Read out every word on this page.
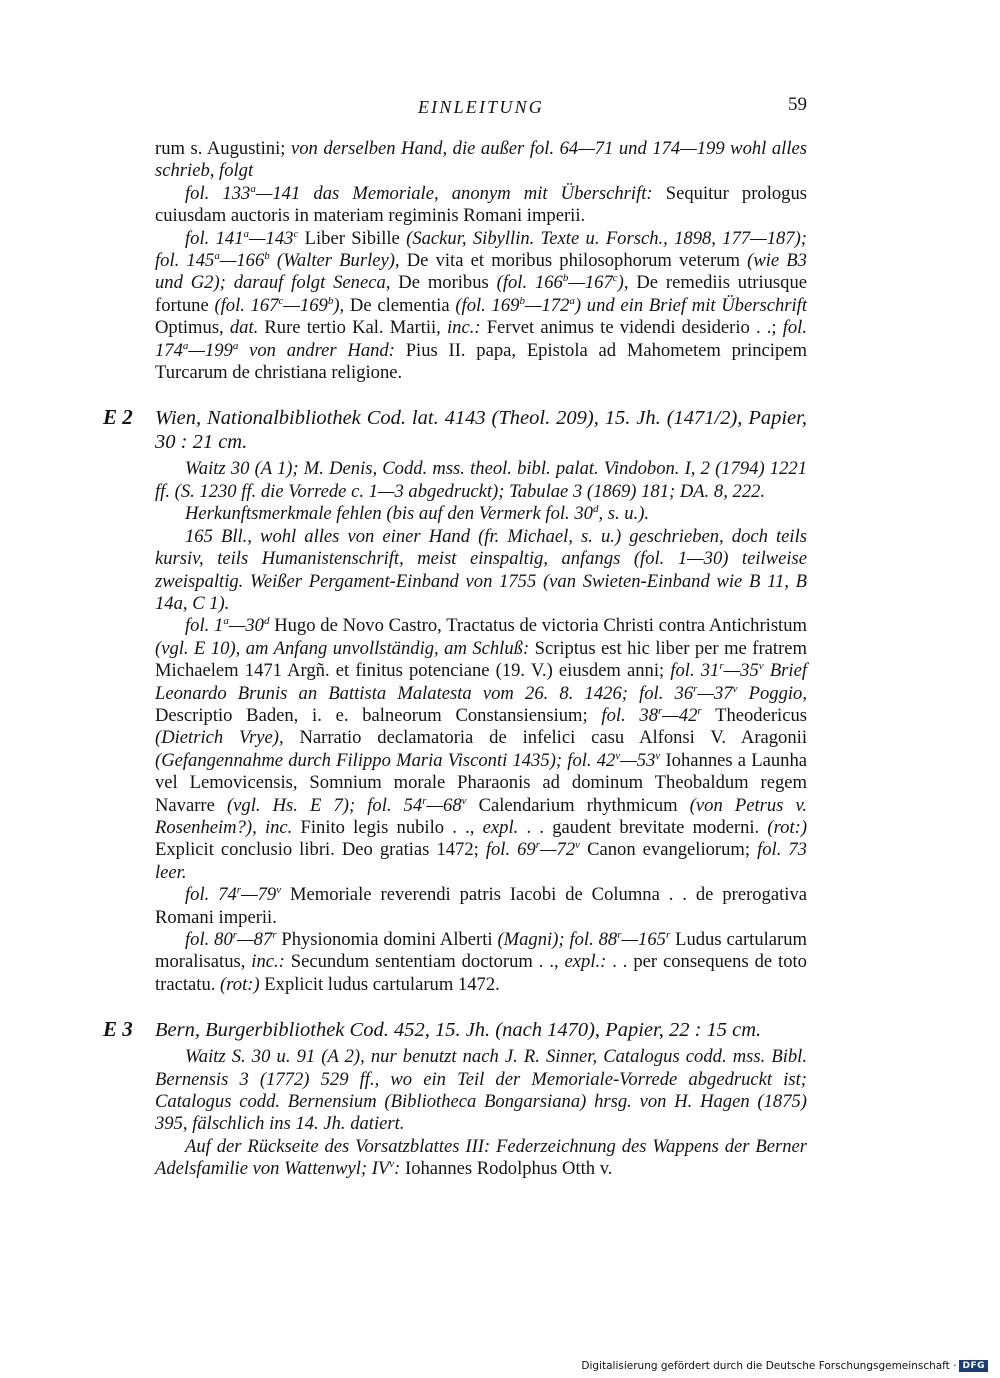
EINLEITUNG	59

rum s. Augustini; von derselben Hand, die außer fol. 64—71 und 174—199 wohl alles schrieb, folgt

fol. 133$^a$—141 das Memoriale, anonym mit Überschrift: Sequitur prologus cuiusdam auctoris in materiam regiminis Romani imperii.

fol. 141$^a$—143$^c$ Liber Sibille (Sackur, Sibyllin. Texte u. Forsch., 1898, 177—187); fol. 145$^a$—166$^b$ (Walter Burley), De vita et moribus philosophorum veterum (wie B3 und G2); darauf folgt Seneca, De moribus (fol. 166$^b$—167$^c$), De remediis utriusque fortune (fol. 167$^c$—169$^b$), De clementia (fol. 169$^b$—172$^a$) und ein Brief mit Überschrift Optimus, dat. Rure tertio Kal. Martii, inc.: Fervet animus te videndi desiderio . .; fol. 174$^a$—199$^a$ von andrer Hand: Pius II. papa, Epistola ad Mahometem principem Turcarum de christiana religione.

E 2 Wien, Nationalbibliothek Cod. lat. 4143 (Theol. 209), 15. Jh. (1471/2), Papier, 30 : 21 cm.

Waitz 30 (A 1); M. Denis, Codd. mss. theol. bibl. palat. Vindobon. I, 2 (1794) 1221 ff. (S. 1230 ff. die Vorrede c. 1—3 abgedruckt); Tabulae 3 (1869) 181; DA. 8, 222.

Herkunftsmerkmale fehlen (bis auf den Vermerk fol. 30$^d$, s. u.).

165 Bll., wohl alles von einer Hand (fr. Michael, s. u.) geschrieben, doch teils kursiv, teils Humanistenschrift, meist einspaltig, anfangs (fol. 1—30) teilweise zweispaltig. Weißer Pergament-Einband von 1755 (van Swieten-Einband wie B 11, B 14a, C 1).

fol. 1$^a$—30$^d$ Hugo de Novo Castro, Tractatus de victoria Christi contra Antichristum (vgl. E 10), am Anfang unvollständig, am Schluß: Scriptus est hic liber per me fratrem Michaelem 1471 Argñ. et finitus potenciane (19. V.) eiusdem anni; fol. 31$^r$—35$^v$ Brief Leonardo Brunis an Battista Malatesta vom 26. 8. 1426; fol. 36$^r$—37$^v$ Poggio, Descriptio Baden, i. e. balneorum Constansiensium; fol. 38$^r$—42$^r$ Theodericus (Dietrich Vrye), Narratio declamatoria de infelici casu Alfonsi V. Aragonii (Gefangennahme durch Filippo Maria Visconti 1435); fol. 42$^v$—53$^v$ Iohannes a Launha vel Lemovicensis, Somnium morale Pharaonis ad dominum Theobaldum regem Navarre (vgl. Hs. E 7); fol. 54$^r$—68$^v$ Calendarium rhythmicum (von Petrus v. Rosenheim?), inc. Finito legis nubilo . ., expl. . . gaudent brevitate moderni. (rot:) Explicit conclusio libri. Deo gratias 1472; fol. 69$^r$—72$^v$ Canon evangeliorum; fol. 73 leer.

fol. 74$^r$—79$^v$ Memoriale reverendi patris Iacobi de Columna . . de prerogativa Romani imperii.

fol. 80$^r$—87$^r$ Physionomia domini Alberti (Magni); fol. 88$^r$—165$^r$ Ludus cartularum moralisatus, inc.: Secundum sententiam doctorum . ., expl.: . . per consequens de toto tractatu. (rot:) Explicit ludus cartularum 1472.

E 3 Bern, Burgerbibliothek Cod. 452, 15. Jh. (nach 1470), Papier, 22 : 15 cm.

Waitz S. 30 u. 91 (A 2), nur benutzt nach J. R. Sinner, Catalogus codd. mss. Bibl. Bernensis 3 (1772) 529 ff., wo ein Teil der Memoriale-Vorrede abgedruckt ist; Catalogus codd. Bernensium (Bibliotheca Bongarsiana) hrsg. von H. Hagen (1875) 395, fälschlich ins 14. Jh. datiert.

Auf der Rückseite des Vorsatzblattes III: Federzeichnung des Wappens der Berner Adelsfamilie von Wattenwyl; $IV^v$: Iohannes Rodolphus Otth v.

Digitalisierung gefördert durch die Deutsche Forschungsgemeinschaft · DFG
